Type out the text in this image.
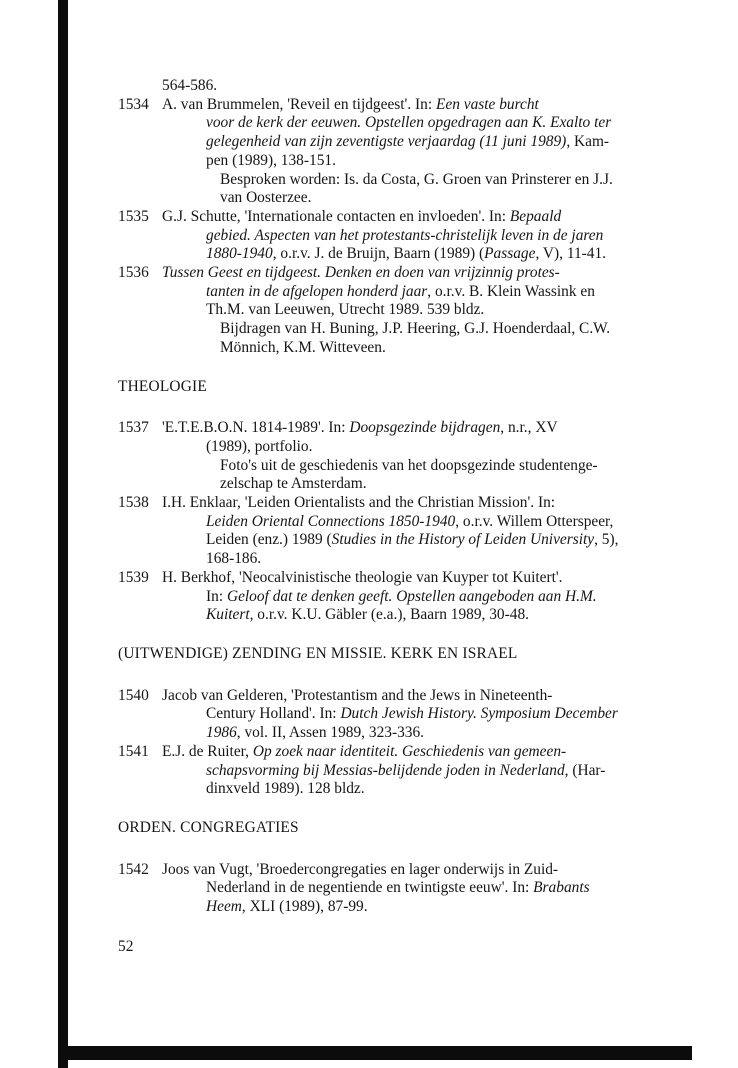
564-586.
1534 A. van Brummelen, 'Reveil en tijdgeest'. In: Een vaste burcht
voor de kerk der eeuwen. Opstellen opgedragen aan K. Exalto ter
gelegenheid van zijn zeventigste verjaardag (11 juni 1989), Kam-
pen (1989), 138-151.
Besproken worden: Is. da Costa, G. Groen van Prinsterer en J.J.
van Oosterzee.
1535 G.J. Schutte, 'Internationale contacten en invloeden'. In: Bepaald
gebied. Aspecten van het protestants-christelijk leven in de jaren
1880-1940, o.r.v. J. de Bruijn, Baarn (1989) (Passage, V), 11-41.
1536 Tussen Geest en tijdgeest. Denken en doen van vrijzinnig protes-
tanten in de afgelopen honderd jaar, o.r.v. B. Klein Wassink en
Th.M. van Leeuwen, Utrecht 1989. 539 bldz.
Bijdragen van H. Buning, J.P. Heering, G.J. Hoenderdaal, C.W.
Mönnich, K.M. Witteveen.
THEOLOGIE
1537 'E.T.E.B.O.N. 1814-1989'. In: Doopsgezinde bijdragen, n.r., XV
(1989), portfolio.
Foto's uit de geschiedenis van het doopsgezinde studentenge-
zelschap te Amsterdam.
1538 I.H. Enklaar, 'Leiden Orientalists and the Christian Mission'. In:
Leiden Oriental Connections 1850-1940, o.r.v. Willem Otterspeer,
Leiden (enz.) 1989 (Studies in the History of Leiden University, 5),
168-186.
1539 H. Berkhof, 'Neocalvinistische theologie van Kuyper tot Kuitert'.
In: Geloof dat te denken geeft. Opstellen aangeboden aan H.M.
Kuitert, o.r.v. K.U. Gäbler (e.a.), Baarn 1989, 30-48.
(UITWENDIGE) ZENDING EN MISSIE. KERK EN ISRAEL
1540 Jacob van Gelderen, 'Protestantism and the Jews in Nineteenth-
Century Holland'. In: Dutch Jewish History. Symposium December
1986, vol. II, Assen 1989, 323-336.
1541 E.J. de Ruiter, Op zoek naar identiteit. Geschiedenis van gemeen-
schapsvorming bij Messias-belijdende joden in Nederland, (Har-
dinxveld 1989). 128 bldz.
ORDEN. CONGREGATIES
1542 Joos van Vugt, 'Broedercongregaties en lager onderwijs in Zuid-
Nederland in de negentiende en twintigste eeuw'. In: Brabants
Heem, XLI (1989), 87-99.
52
